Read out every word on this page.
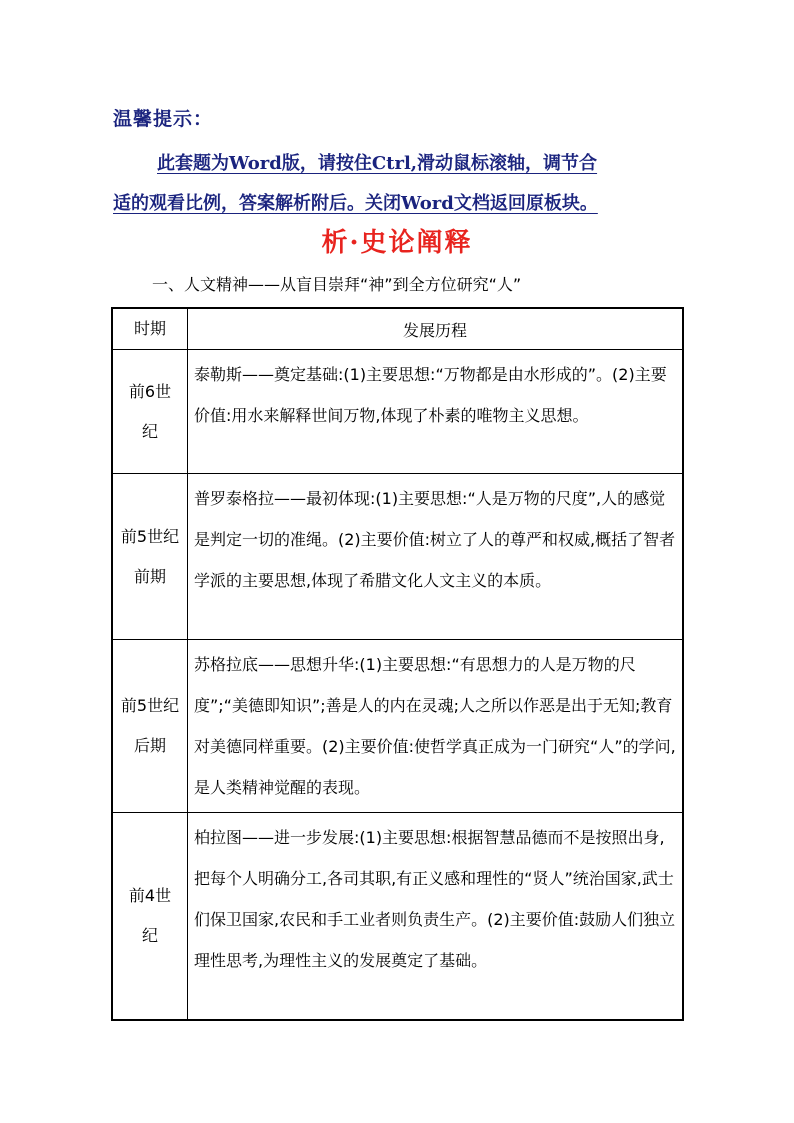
温馨提示：
此套题为Word版，请按住Ctrl,滑动鼠标滚轴，调节合
适的观看比例，答案解析附后。关闭Word文档返回原板块。
析·史论阐释
一、人文精神——从盲目崇拜“神”到全方位研究“人”
时期	发展历程

前6世纪	泰勒斯——奠定基础:(1)主要思想:“万物都是由水形成的”。(2)主要价值:用水来解释世间万物,体现了朴素的唯物主义思想。

前5世纪前期	普罗泰格拉——最初体现:(1)主要思想:“人是万物的尺度”,人的感觉是判定一切的准绳。(2)主要价值:树立了人的尊严和权威,概括了智者学派的主要思想,体现了希腊文化人文主义的本质。

前5世纪后期	苏格拉底——思想升华:(1)主要思想:“有思想力的人是万物的尺度”;“美德即知识”;善是人的内在灵魂;人之所以作恶是出于无知;教育对美德同样重要。(2)主要价值:使哲学真正成为一门研究“人”的学问,是人类精神觉醒的表现。

前4世纪	柏拉图——进一步发展:(1)主要思想:根据智慧品德而不是按照出身,把每个人明确分工,各司其职,有正义感和理性的“贤人”统治国家,武士们保卫国家,农民和手工业者则负责生产。(2)主要价值:鼓励人们独立理性思考,为理性主义的发展奠定了基础。
